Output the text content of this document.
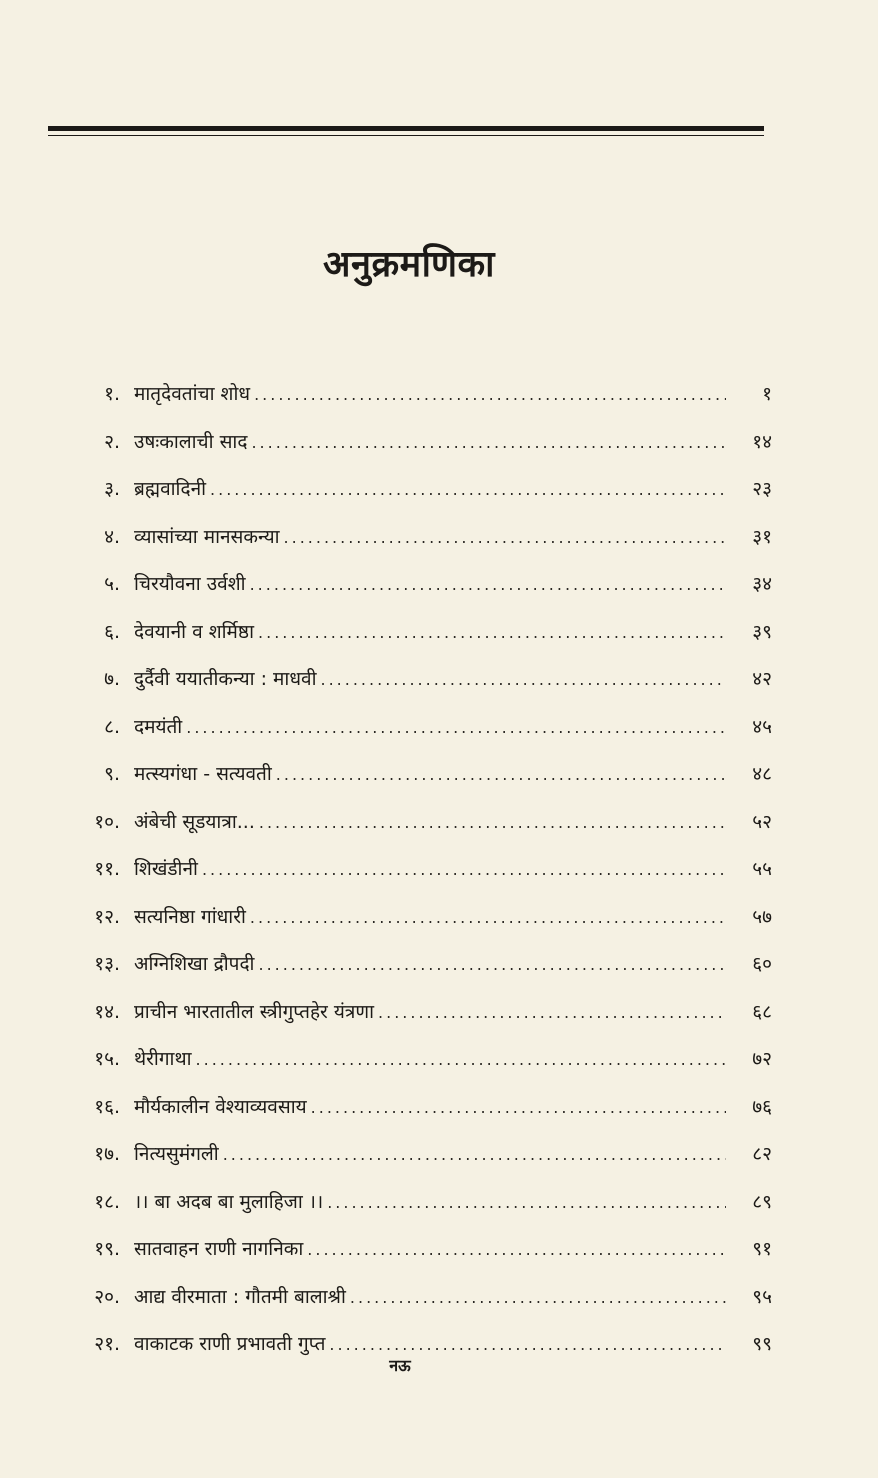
अनुक्रमणिका
१. मातृदेवतांचा शोध .....	१
२. उषःकालाची साद .....	१४
३. ब्रह्मवादिनी .....	२३
४. व्यासांच्या मानसकन्या .....	३१
५. चिरयौवना उर्वशी .....	३४
६. देवयानी व शर्मिष्ठा .....	३९
७. दुर्दैवी ययातीकन्या : माधवी .....	४२
८. दमयंती .....	४५
९. मत्स्यगंधा - सत्यवती .....	४८
१०. अंबेची सूडयात्रा... .....	५२
११. शिखंडीनी .....	५५
१२. सत्यनिष्ठा गांधारी .....	५७
१३. अग्निशिखा द्रौपदी .....	६०
१४. प्राचीन भारतातील स्त्रीगुप्तहेर यंत्रणा .....	६८
१५. थेरीगाथा .....	७२
१६. मौर्यकालीन वेश्याव्यवसाय .....	७६
१७. नित्यसुमंगली .....	८२
१८. ।। बा अदब बा मुलाहिजा ।। .....	८९
१९. सातवाहन राणी नागनिका .....	९१
२०. आद्य वीरमाता : गौतमी बालाश्री .....	९५
२१. वाकाटक राणी प्रभावती गुप्त .....	९९
नऊ
